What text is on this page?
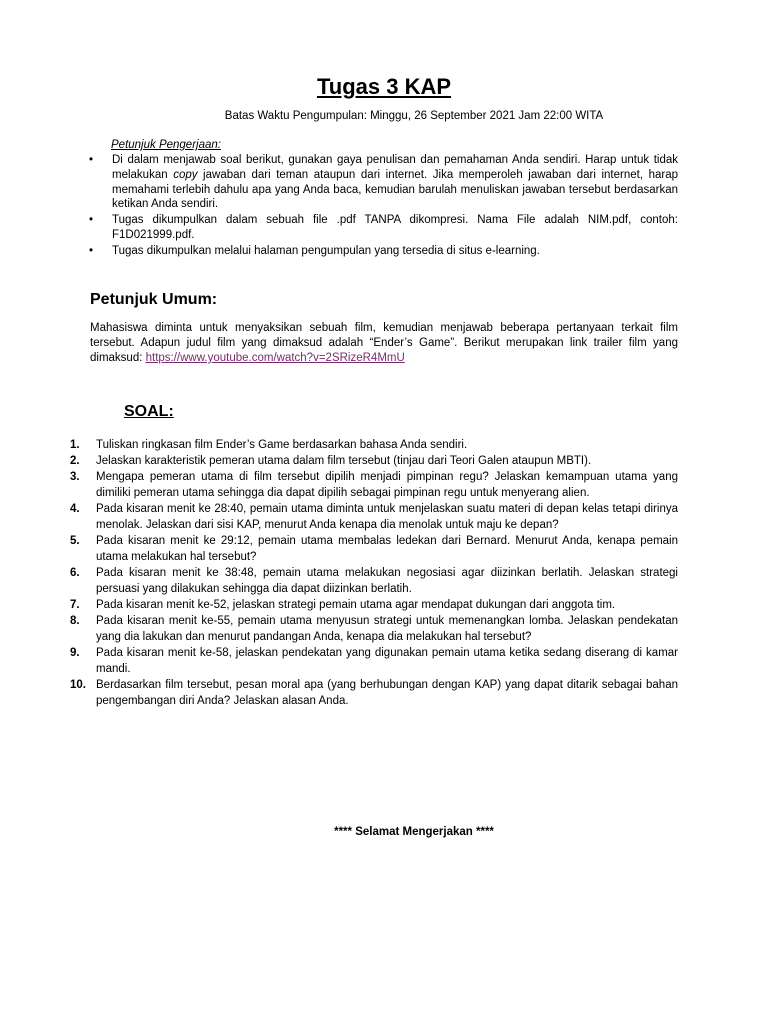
Tugas 3 KAP

Batas Waktu Pengumpulan: Minggu, 26 September 2021 Jam 22:00 WITA

Petunjuk Pengerjaan:

• Di dalam menjawab soal berikut, gunakan gaya penulisan dan pemahaman Anda sendiri. Harap untuk tidak melakukan copy jawaban dari teman ataupun dari internet. Jika memperoleh jawaban dari internet, harap memahami terlebih dahulu apa yang Anda baca, kemudian barulah menuliskan jawaban tersebut berdasarkan ketikan Anda sendiri.
• Tugas dikumpulkan dalam sebuah file .pdf TANPA dikompresi. Nama File adalah NIM.pdf, contoh: F1D021999.pdf.
• Tugas dikumpulkan melalui halaman pengumpulan yang tersedia di situs e-learning.
Petunjuk Umum:

Mahasiswa diminta untuk menyaksikan sebuah film, kemudian menjawab beberapa pertanyaan terkait film tersebut. Adapun judul film yang dimaksud adalah “Ender’s Game”. Berikut merupakan link trailer film yang dimaksud: https://www.youtube.com/watch?v=2SRizeR4MmU

SOAL:
1.	Tuliskan ringkasan film Ender’s Game berdasarkan bahasa Anda sendiri.
2.	Jelaskan karakteristik pemeran utama dalam film tersebut (tinjau dari Teori Galen ataupun MBTI).
3.	Mengapa pemeran utama di film tersebut dipilih menjadi pimpinan regu? Jelaskan kemampuan utama yang dimiliki pemeran utama sehingga dia dapat dipilih sebagai pimpinan regu untuk menyerang alien.
4.	Pada kisaran menit ke 28:40, pemain utama diminta untuk menjelaskan suatu materi di depan kelas tetapi dirinya menolak. Jelaskan dari sisi KAP, menurut Anda kenapa dia menolak untuk maju ke depan?
5.	Pada kisaran menit ke 29:12, pemain utama membalas ledekan dari Bernard. Menurut Anda, kenapa pemain utama melakukan hal tersebut?
6.	Pada kisaran menit ke 38:48, pemain utama melakukan negosiasi agar diizinkan berlatih. Jelaskan strategi persuasi yang dilakukan sehingga dia dapat diizinkan berlatih.
7.	Pada kisaran menit ke-52, jelaskan strategi pemain utama agar mendapat dukungan dari anggota tim.
8.	Pada kisaran menit ke-55, pemain utama menyusun strategi untuk memenangkan lomba. Jelaskan pendekatan yang dia lakukan dan menurut pandangan Anda, kenapa dia melakukan hal tersebut?
9.	Pada kisaran menit ke-58, jelaskan pendekatan yang digunakan pemain utama ketika sedang diserang di kamar mandi.
10. Berdasarkan film tersebut, pesan moral apa (yang berhubungan dengan KAP) yang dapat ditarik sebagai bahan pengembangan diri Anda? Jelaskan alasan Anda.

**** Selamat Mengerjakan ****
